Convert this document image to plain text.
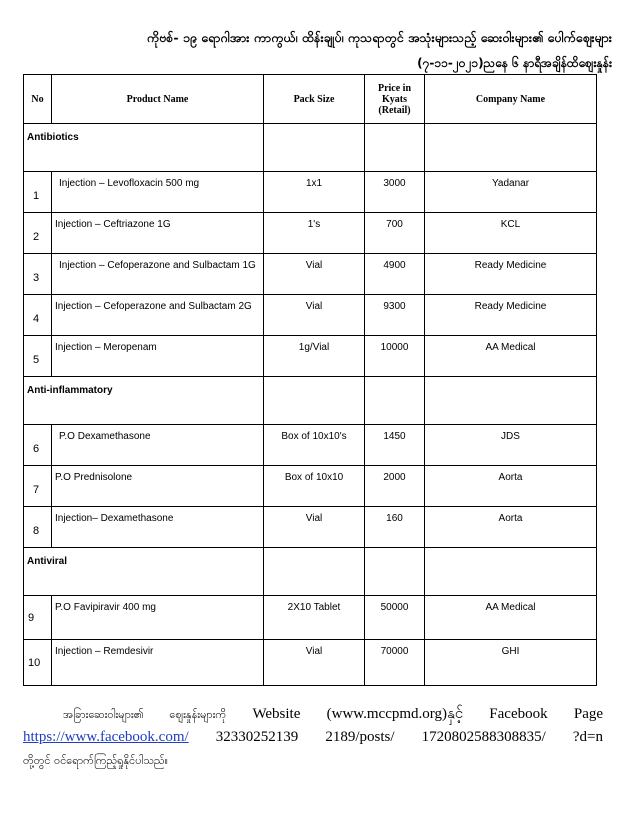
ကိုဗစ်- ၁၉ ရောဂါအား ကာကွယ်၊ ထိန်းချုပ်၊ ကုသရာတွင် အသုံးများသည့် ဆေးဝါးများ၏ ပေါက်ဈေးများ
(၇-၁၁-၂၀၂၁)ညနေ ၆ နာရီအချိန်ထိဈေးနှုန်း
No	Product Name	Pack Size	Price in Kyats (Retail)	Company Name
Antibiotics				

1	Injection – Levofloxacin 500 mg	1x1	3000	Yadanar

2	Injection – Ceftriazone 1G	1's	700	KCL

3	Injection – Cefoperazone and Sulbactam 1G	Vial	4900	Ready Medicine

4	Injection – Cefoperazone and Sulbactam 2G	Vial	9300	Ready Medicine

5	Injection – Meropenam	1g/Vial	10000	AA Medical

Anti-inflammatory				

6	P.O Dexamethasone	Box of 10x10's	1450	JDS

7	P.O Prednisolone	Box of 10x10	2000	Aorta

8	Injection– Dexamethasone	Vial	160	Aorta

Antiviral				

9	P.O Favipiravir 400 mg	2X10 Tablet	50000	AA Medical

10	Injection – Remdesivir	Vial	70000	GHI
အခြားဆေးဝါးများ၏ ဈေးနှုန်းများကို Website (www.mccpmd.org)နှင့် Facebook Page
https://www.facebook.com/ 32330252139 2189/posts/ 1720802588308835/ ?d=n
တို့တွင် ဝင်ရောက်ကြည့်ရှုနိုင်ပါသည်။
